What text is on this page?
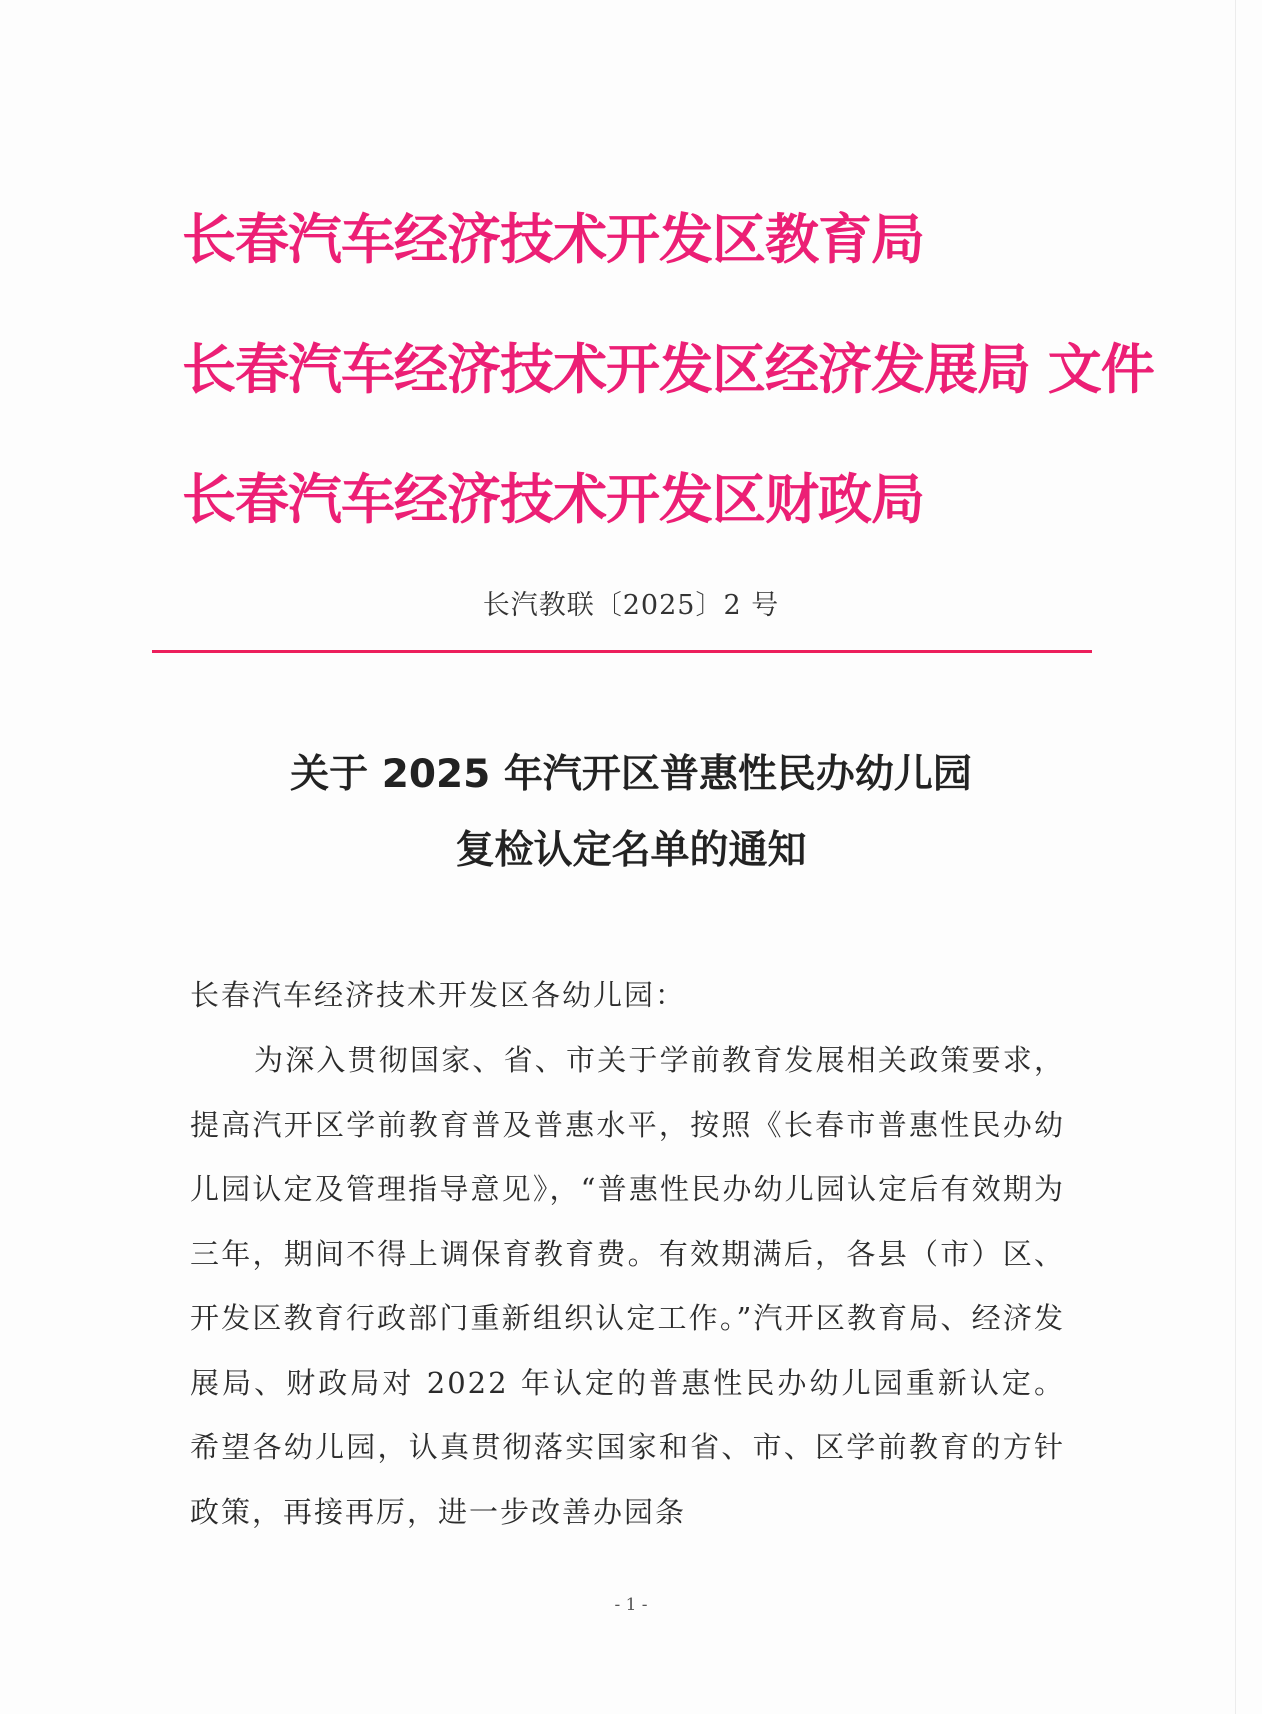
长春汽车经济技术开发区教育局
长春汽车经济技术开发区经济发展局 文件
长春汽车经济技术开发区财政局
长汽教联〔2025〕2 号
关于 2025 年汽开区普惠性民办幼儿园
复检认定名单的通知
长春汽车经济技术开发区各幼儿园：
为深入贯彻国家、省、市关于学前教育发展相关政策要求，提高汽开区学前教育普及普惠水平，按照《长春市普惠性民办幼儿园认定及管理指导意见》，“普惠性民办幼儿园认定后有效期为三年，期间不得上调保育教育费。有效期满后，各县（市）区、开发区教育行政部门重新组织认定工作。”汽开区教育局、经济发展局、财政局对 2022 年认定的普惠性民办幼儿园重新认定。希望各幼儿园，认真贯彻落实国家和省、市、区学前教育的方针政策，再接再厉，进一步改善办园条
- 1 -
